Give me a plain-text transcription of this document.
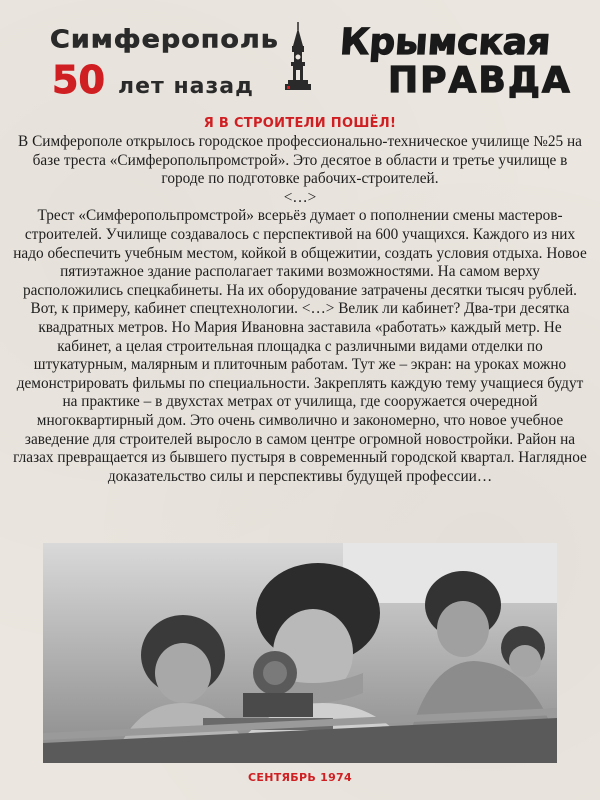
Симферополь
50 лет назад
Крымская
ПРАВДА
Я В СТРОИТЕЛИ ПОШЁЛ!

В Симферополе открылось городское профессионально-техническое училище №25 на базе треста «Симферопольпромстрой». Это десятое в области и третье училище в городе по подготовке рабочих-строителей.

<…>

Трест «Симферопольпромстрой» всерьёз думает о пополнении смены мастеров-строителей. Училище создавалось с перспективой на 600 учащихся. Каждого из них надо обеспечить учебным местом, койкой в общежитии, создать условия отдыха. Новое пятиэтажное здание располагает такими возможностями. На самом верху расположились спецкабинеты. На их оборудование затрачены десятки тысяч рублей. Вот, к примеру, кабинет спецтехнологии. <…> Велик ли кабинет? Два-три десятка квадратных метров. Но Мария Ивановна заставила «работать» каждый метр. Не кабинет, а целая строительная площадка с различными видами отделки по штукатурным, малярным и плиточным работам. Тут же – экран: на уроках можно демонстрировать фильмы по специальности. Закреплять каждую тему учащиеся будут на практике – в двухстах метрах от училища, где сооружается очередной многоквартирный дом. Это очень символично и закономерно, что новое учебное заведение для строителей выросло в самом центре огромной новостройки. Район на глазах превращается из бывшего пустыря в современный городской квартал. Наглядное доказательство силы и перспективы будущей профессии…

СЕНТЯБРЬ 1974
